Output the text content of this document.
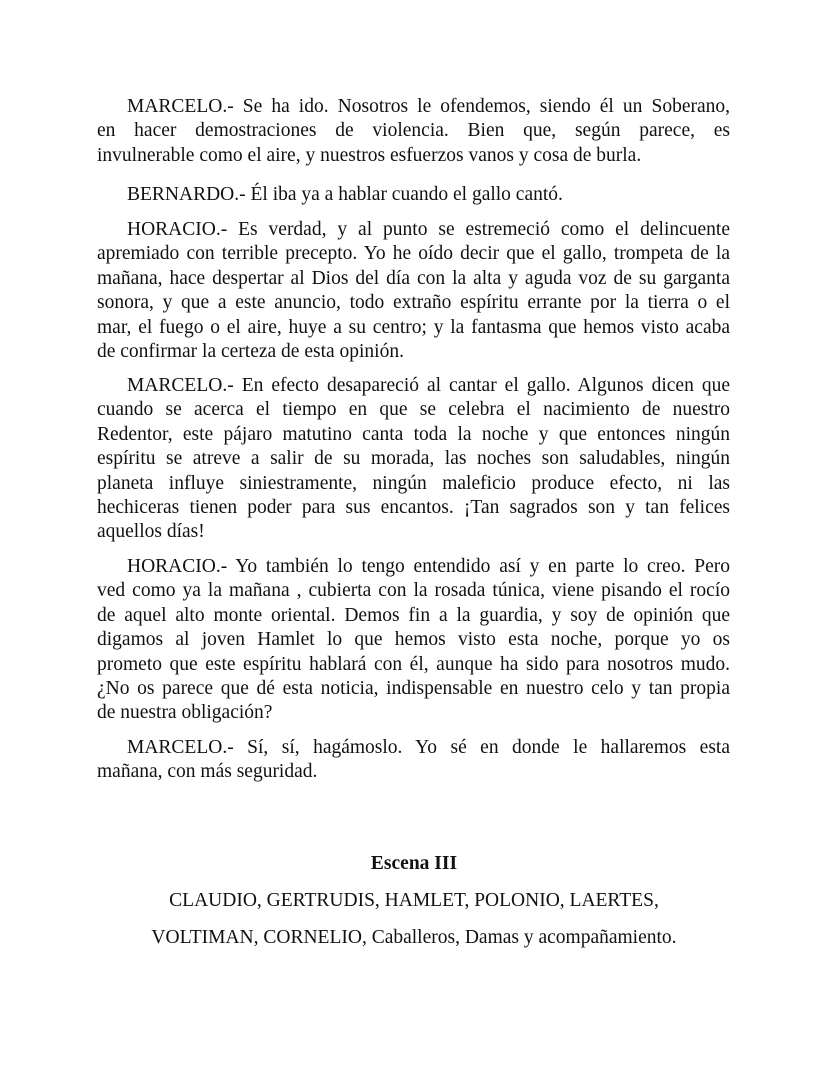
MARCELO.- Se ha ido. Nosotros le ofendemos, siendo él un Soberano,
en hacer demostraciones de violencia. Bien que, según parece, es
invulnerable como el aire, y nuestros esfuerzos vanos y cosa de burla.
BERNARDO.- Él iba ya a hablar cuando el gallo cantó.
HORACIO.- Es verdad, y al punto se estremeció como el delincuente
apremiado con terrible precepto. Yo he oído decir que el gallo, trompeta de la
mañana, hace despertar al Dios del día con la alta y aguda voz de su garganta
sonora, y que a este anuncio, todo extraño espíritu errante por la tierra o el
mar, el fuego o el aire, huye a su centro; y la fantasma que hemos visto acaba
de confirmar la certeza de esta opinión.
MARCELO.- En efecto desapareció al cantar el gallo. Algunos dicen que
cuando se acerca el tiempo en que se celebra el nacimiento de nuestro
Redentor, este pájaro matutino canta toda la noche y que entonces ningún
espíritu se atreve a salir de su morada, las noches son saludables, ningún
planeta influye siniestramente, ningún maleficio produce efecto, ni las
hechiceras tienen poder para sus encantos. ¡Tan sagrados son y tan felices
aquellos días!
HORACIO.- Yo también lo tengo entendido así y en parte lo creo. Pero
ved como ya la mañana , cubierta con la rosada túnica, viene pisando el rocío
de aquel alto monte oriental. Demos fin a la guardia, y soy de opinión que
digamos al joven Hamlet lo que hemos visto esta noche, porque yo os
prometo que este espíritu hablará con él, aunque ha sido para nosotros mudo.
¿No os parece que dé esta noticia, indispensable en nuestro celo y tan propia
de nuestra obligación?
MARCELO.- Sí, sí, hagámoslo. Yo sé en donde le hallaremos esta
mañana, con más seguridad.
Escena III
CLAUDIO, GERTRUDIS, HAMLET, POLONIO, LAERTES,
VOLTIMAN, CORNELIO, Caballeros, Damas y acompañamiento.
